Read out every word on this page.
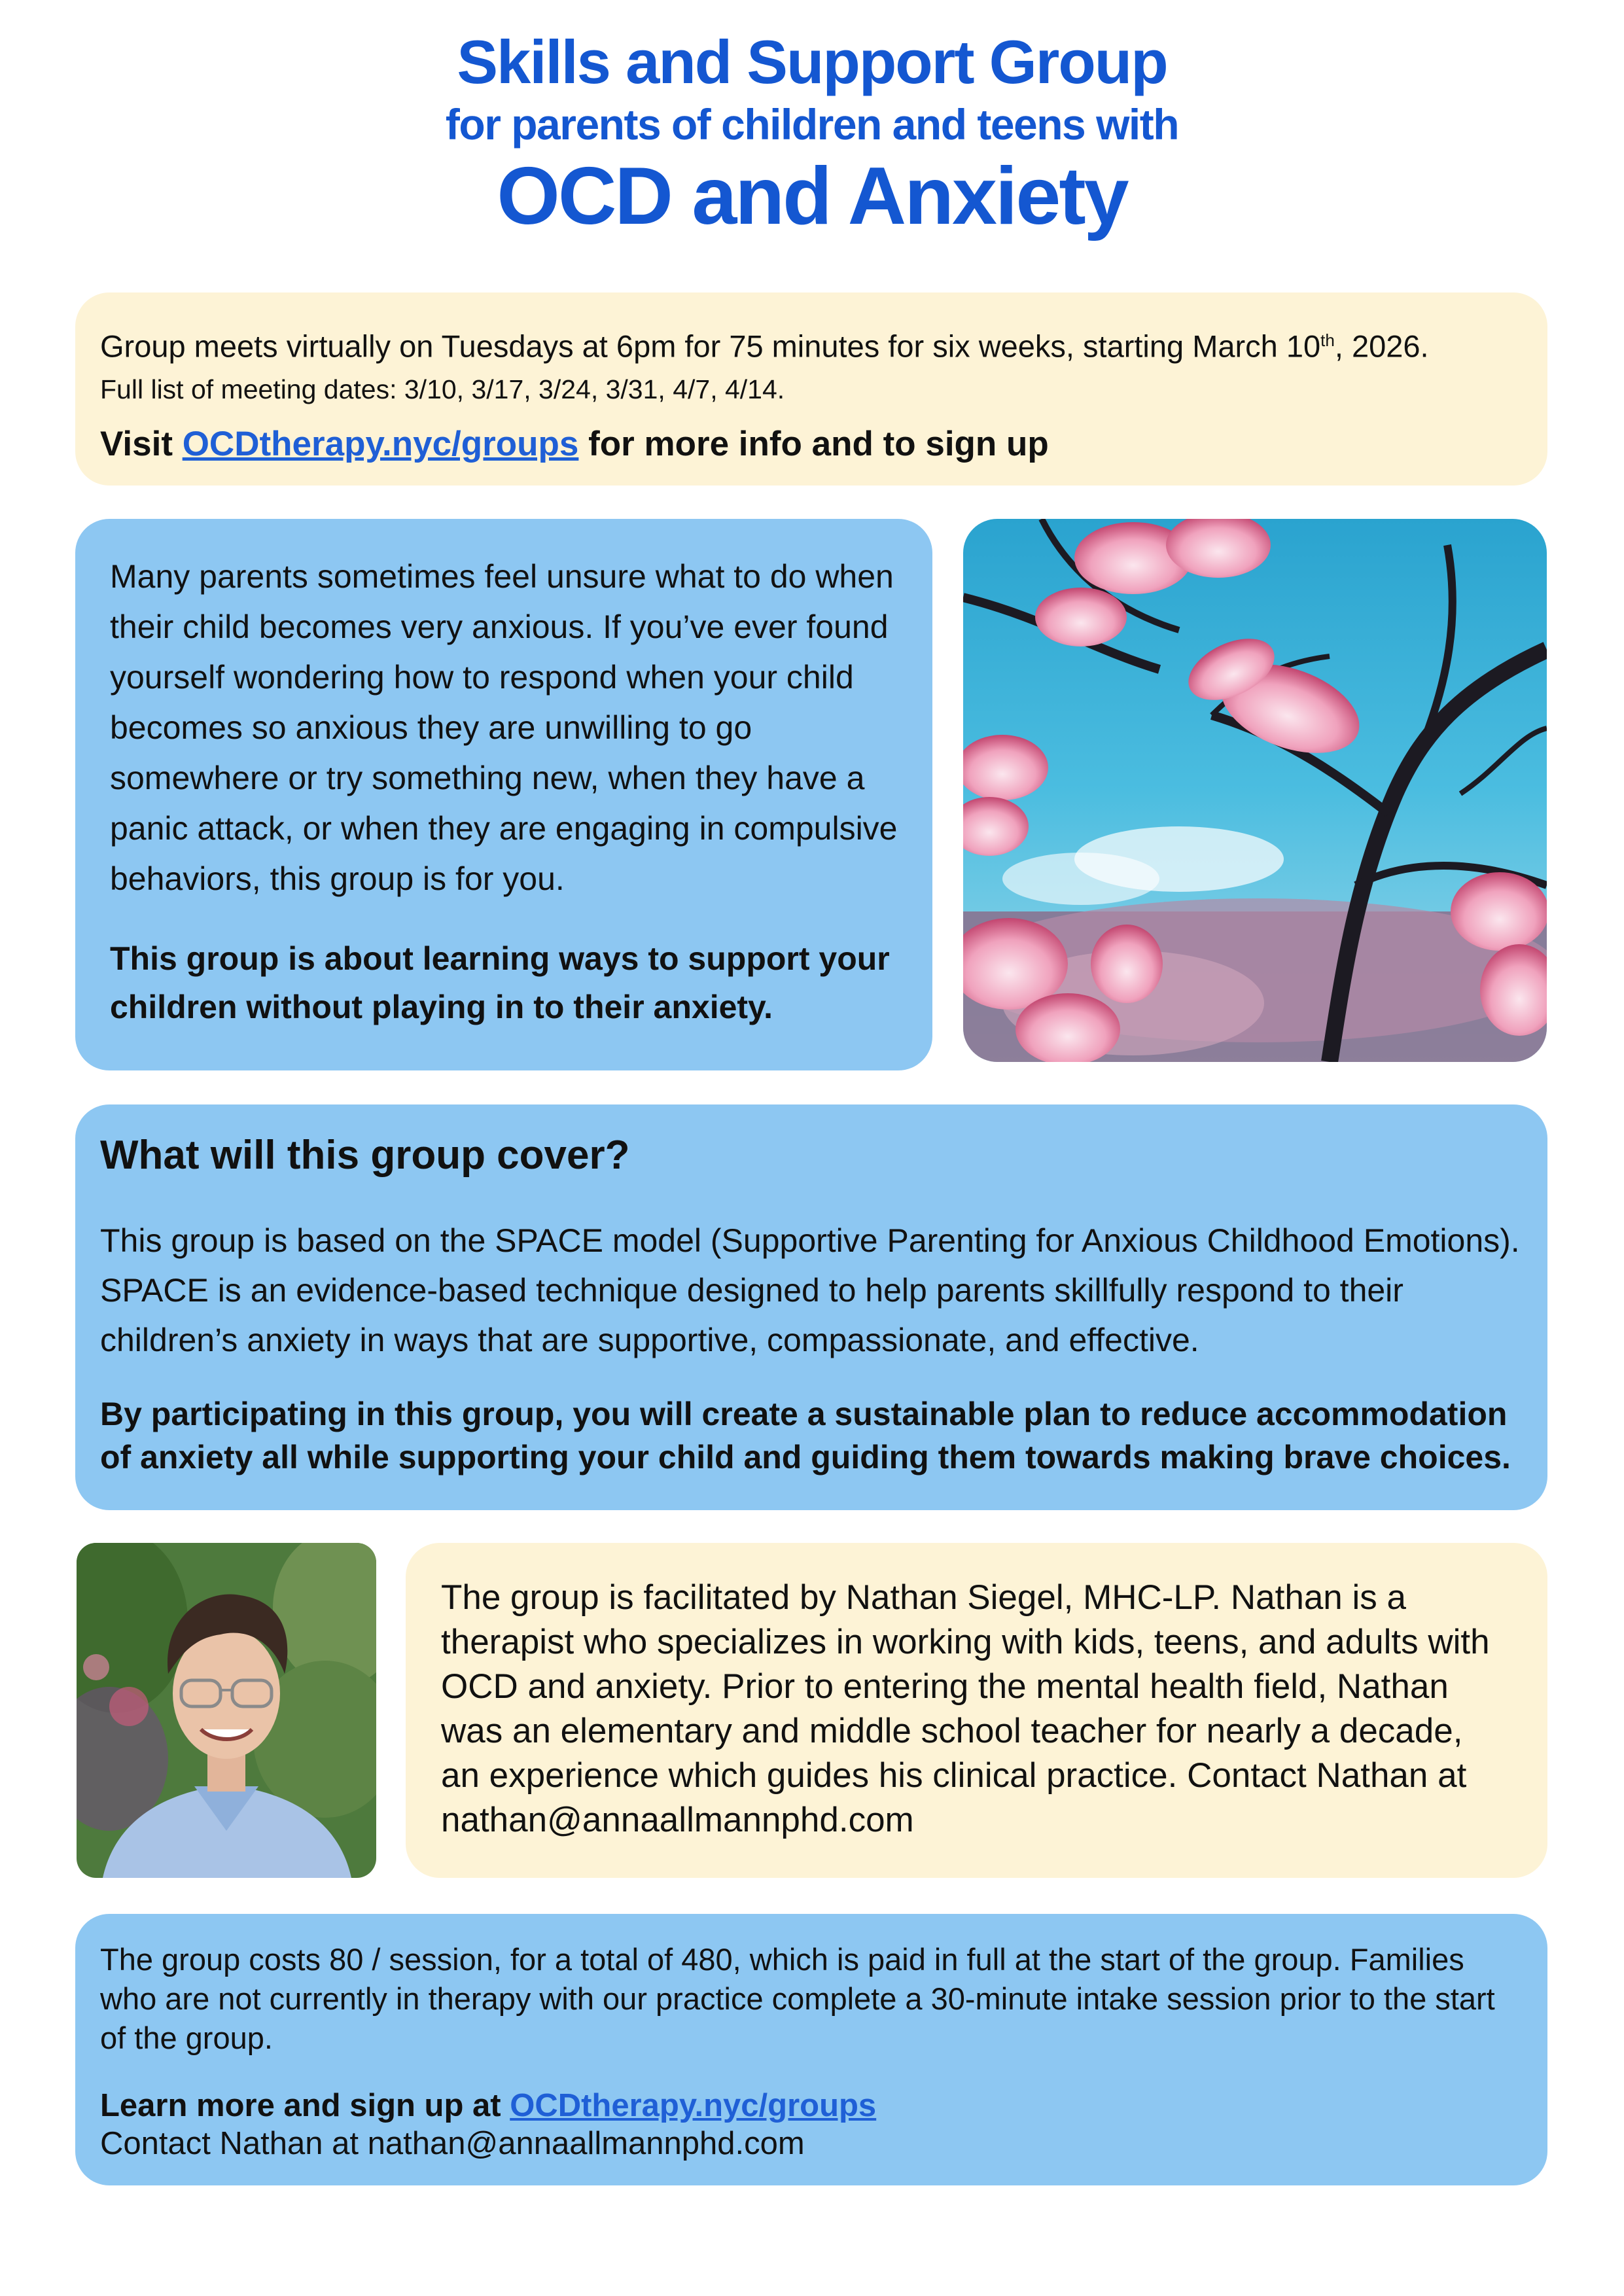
Skills and Support Group
for parents of children and teens with
OCD and Anxiety
Group meets virtually on Tuesdays at 6pm for 75 minutes for six weeks, starting March 10th, 2026.
Full list of meeting dates: 3/10, 3/17, 3/24, 3/31, 4/7, 4/14.
Visit OCDtherapy.nyc/groups for more info and to sign up

Many parents sometimes feel unsure what to do when their child becomes very anxious. If you’ve ever found yourself wondering how to respond when your child becomes so anxious they are unwilling to go somewhere or try something new, when they have a panic attack, or when they are engaging in compulsive behaviors, this group is for you.

This group is about learning ways to support your children without playing in to their anxiety.

What will this group cover?

This group is based on the SPACE model (Supportive Parenting for Anxious Childhood Emotions). SPACE is an evidence-based technique designed to help parents skillfully respond to their children’s anxiety in ways that are supportive, compassionate, and effective.

By participating in this group, you will create a sustainable plan to reduce accommodation of anxiety all while supporting your child and guiding them towards making brave choices.

The group is facilitated by Nathan Siegel, MHC-LP. Nathan is a therapist who specializes in working with kids, teens, and adults with OCD and anxiety. Prior to entering the mental health field, Nathan was an elementary and middle school teacher for nearly a decade, an experience which guides his clinical practice. Contact Nathan at nathan@annaallmannphd.com

The group costs 80 / session, for a total of 480, which is paid in full at the start of the group. Families who are not currently in therapy with our practice complete a 30-minute intake session prior to the start of the group.

Learn more and sign up at OCDtherapy.nyc/groups

Contact Nathan at nathan@annaallmannphd.com
